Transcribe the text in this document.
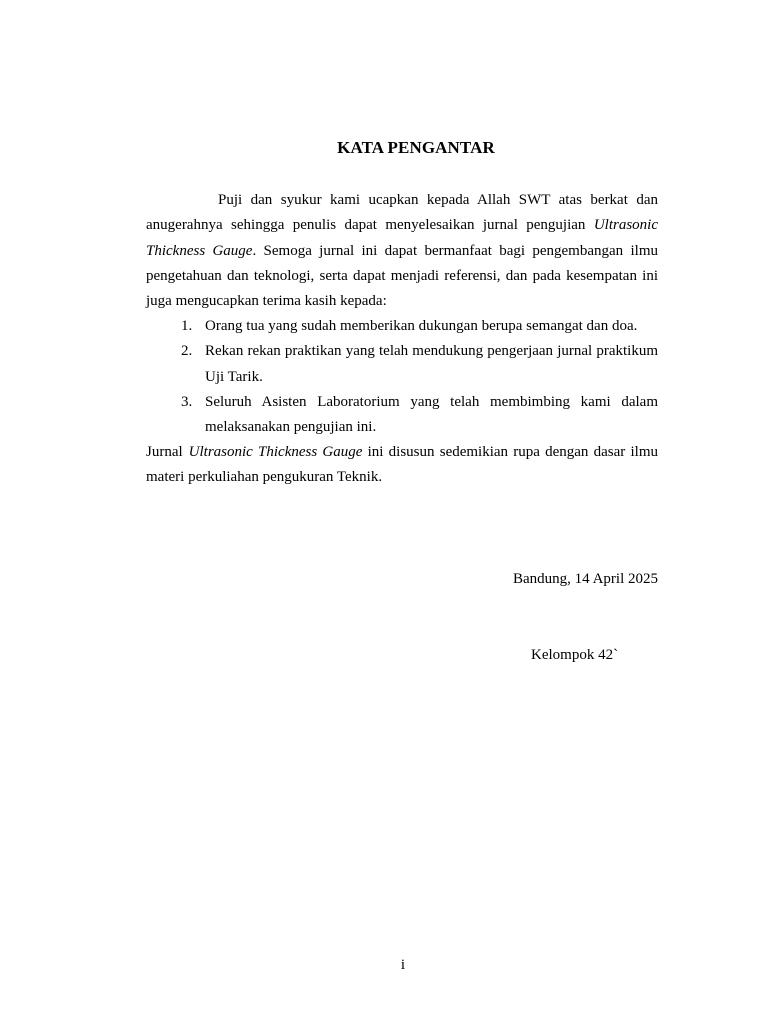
KATA PENGANTAR

Puji dan syukur kami ucapkan kepada Allah SWT atas berkat dan anugerahnya sehingga penulis dapat menyelesaikan jurnal pengujian Ultrasonic Thickness Gauge. Semoga jurnal ini dapat bermanfaat bagi pengembangan ilmu pengetahuan dan teknologi, serta dapat menjadi referensi, dan pada kesempatan ini juga mengucapkan terima kasih kepada:

1. Orang tua yang sudah memberikan dukungan berupa semangat dan doa.
2. Rekan rekan praktikan yang telah mendukung pengerjaan jurnal praktikum Uji Tarik.
3. Seluruh Asisten Laboratorium yang telah membimbing kami dalam melaksanakan pengujian ini.

Jurnal Ultrasonic Thickness Gauge ini disusun sedemikian rupa dengan dasar ilmu materi perkuliahan pengukuran Teknik.

Bandung, 14 April 2025
Kelompok 42`
i
